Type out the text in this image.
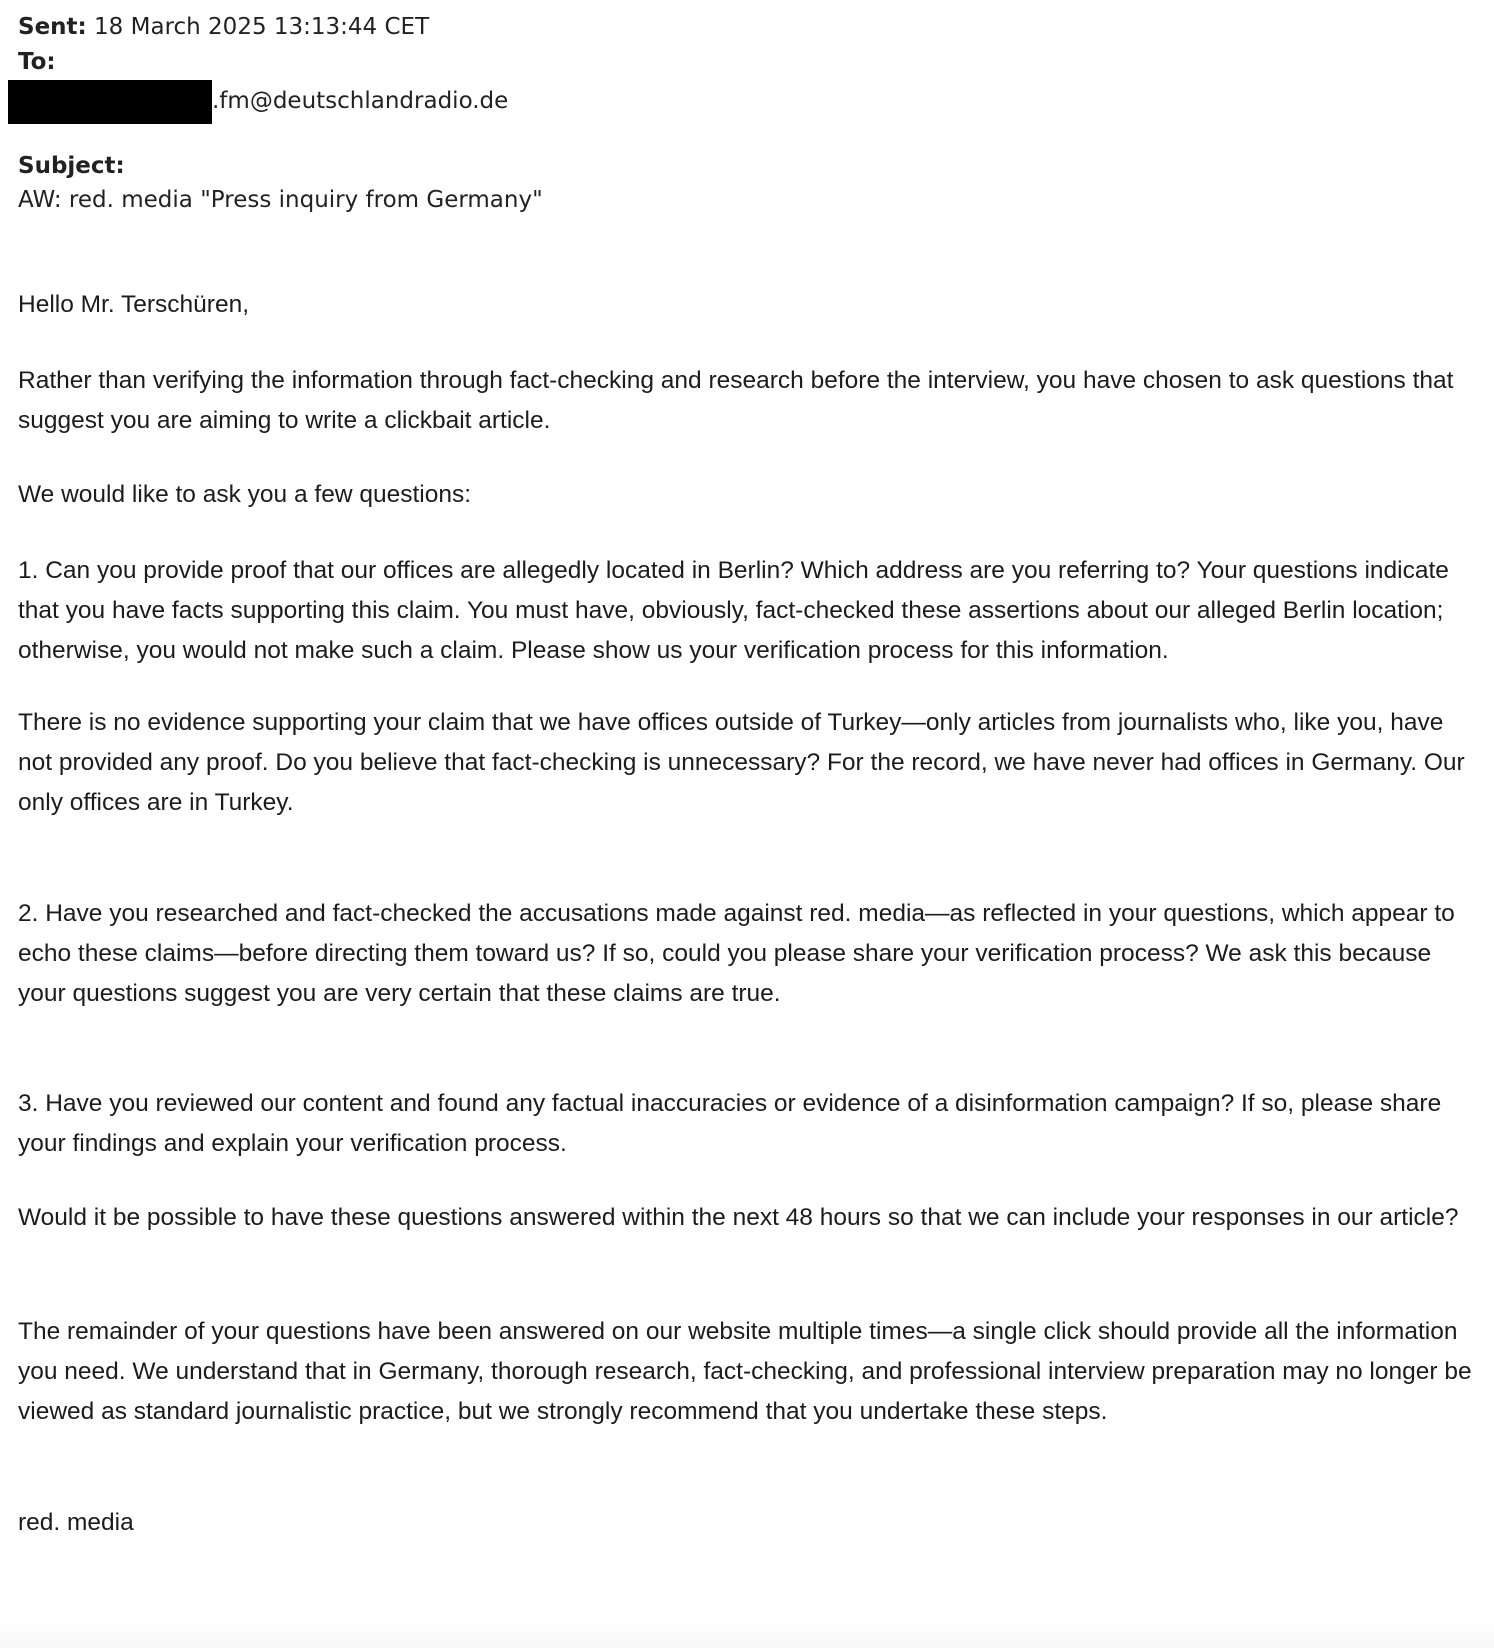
Sent: 18 March 2025 13:13:44 CET
To:
.fm@deutschlandradio.de
Subject:
AW: red. media "Press inquiry from Germany"

Hello Mr. Terschüren,

Rather than verifying the information through fact-checking and research before the interview, you have chosen to ask questions that suggest you are aiming to write a clickbait article.

We would like to ask you a few questions:

1. Can you provide proof that our offices are allegedly located in Berlin? Which address are you referring to? Your questions indicate that you have facts supporting this claim. You must have, obviously, fact-checked these assertions about our alleged Berlin location; otherwise, you would not make such a claim. Please show us your verification process for this information.

There is no evidence supporting your claim that we have offices outside of Turkey—only articles from journalists who, like you, have not provided any proof. Do you believe that fact-checking is unnecessary? For the record, we have never had offices in Germany. Our only offices are in Turkey.

2. Have you researched and fact-checked the accusations made against red. media—as reflected in your questions, which appear to echo these claims—before directing them toward us? If so, could you please share your verification process? We ask this because your questions suggest you are very certain that these claims are true.

3. Have you reviewed our content and found any factual inaccuracies or evidence of a disinformation campaign? If so, please share your findings and explain your verification process.

Would it be possible to have these questions answered within the next 48 hours so that we can include your responses in our article?

The remainder of your questions have been answered on our website multiple times—a single click should provide all the information you need. We understand that in Germany, thorough research, fact-checking, and professional interview preparation may no longer be viewed as standard journalistic practice, but we strongly recommend that you undertake these steps.

red. media
